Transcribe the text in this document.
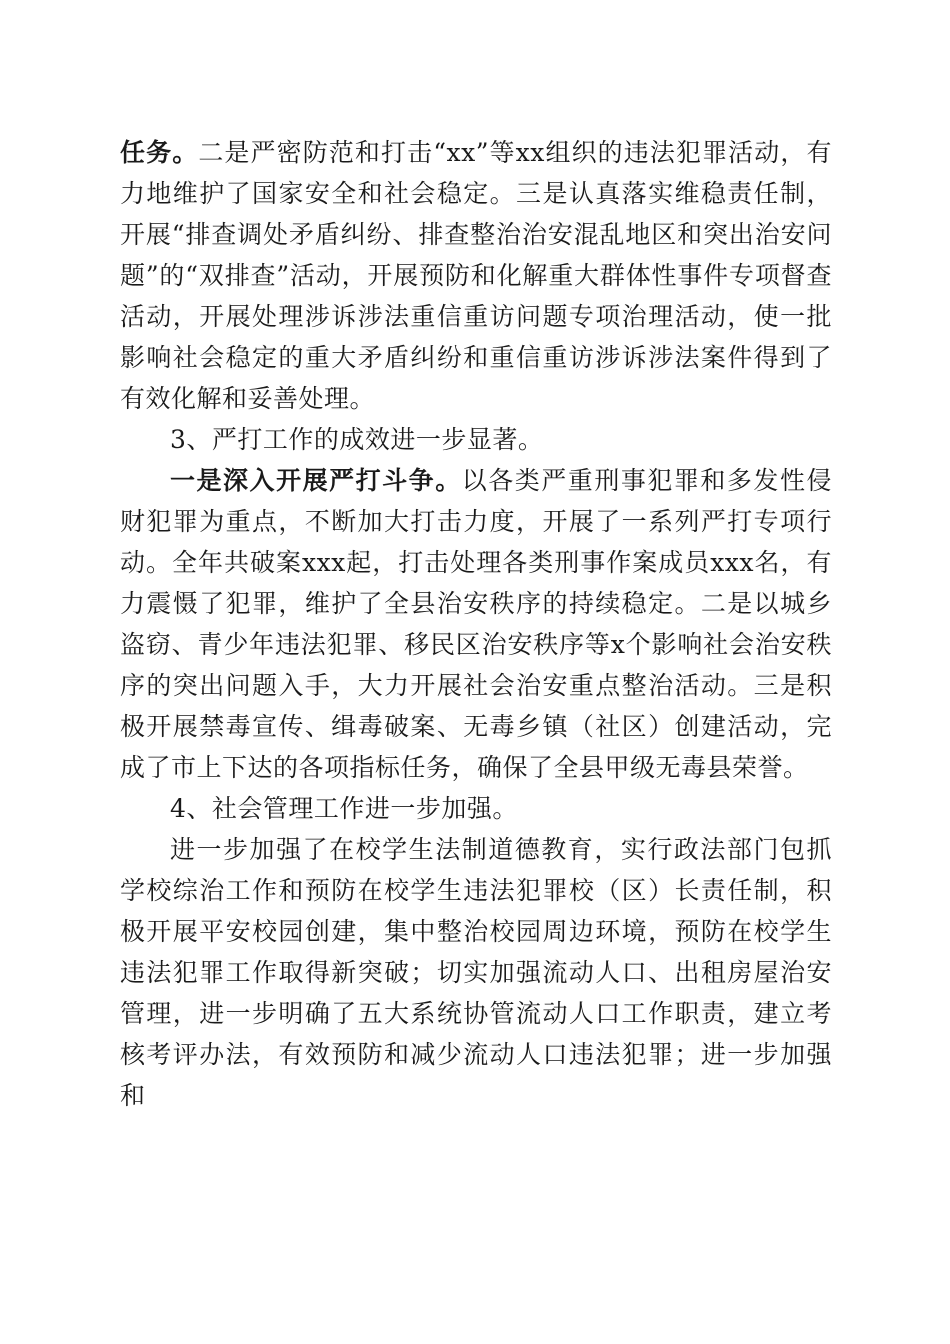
任务。二是严密防范和打击“xx”等xx组织的违法犯罪活动，有力地维护了国家安全和社会稳定。三是认真落实维稳责任制，开展“排查调处矛盾纠纷、排查整治治安混乱地区和突出治安问题”的“双排查”活动，开展预防和化解重大群体性事件专项督查活动，开展处理涉诉涉法重信重访问题专项治理活动，使一批影响社会稳定的重大矛盾纠纷和重信重访涉诉涉法案件得到了有效化解和妥善处理。

3、严打工作的成效进一步显著。

一是深入开展严打斗争。以各类严重刑事犯罪和多发性侵财犯罪为重点，不断加大打击力度，开展了一系列严打专项行动。全年共破案xxx起，打击处理各类刑事作案成员xxx名，有力震慑了犯罪，维护了全县治安秩序的持续稳定。二是以城乡盗窃、青少年违法犯罪、移民区治安秩序等x个影响社会治安秩序的突出问题入手，大力开展社会治安重点整治活动。三是积极开展禁毒宣传、缉毒破案、无毒乡镇（社区）创建活动，完成了市上下达的各项指标任务，确保了全县甲级无毒县荣誉。

4、社会管理工作进一步加强。

进一步加强了在校学生法制道德教育，实行政法部门包抓学校综治工作和预防在校学生违法犯罪校（区）长责任制，积极开展平安校园创建，集中整治校园周边环境，预防在校学生违法犯罪工作取得新突破；切实加强流动人口、出租房屋治安管理，进一步明确了五大系统协管流动人口工作职责，建立考核考评办法，有效预防和减少流动人口违法犯罪；进一步加强和
